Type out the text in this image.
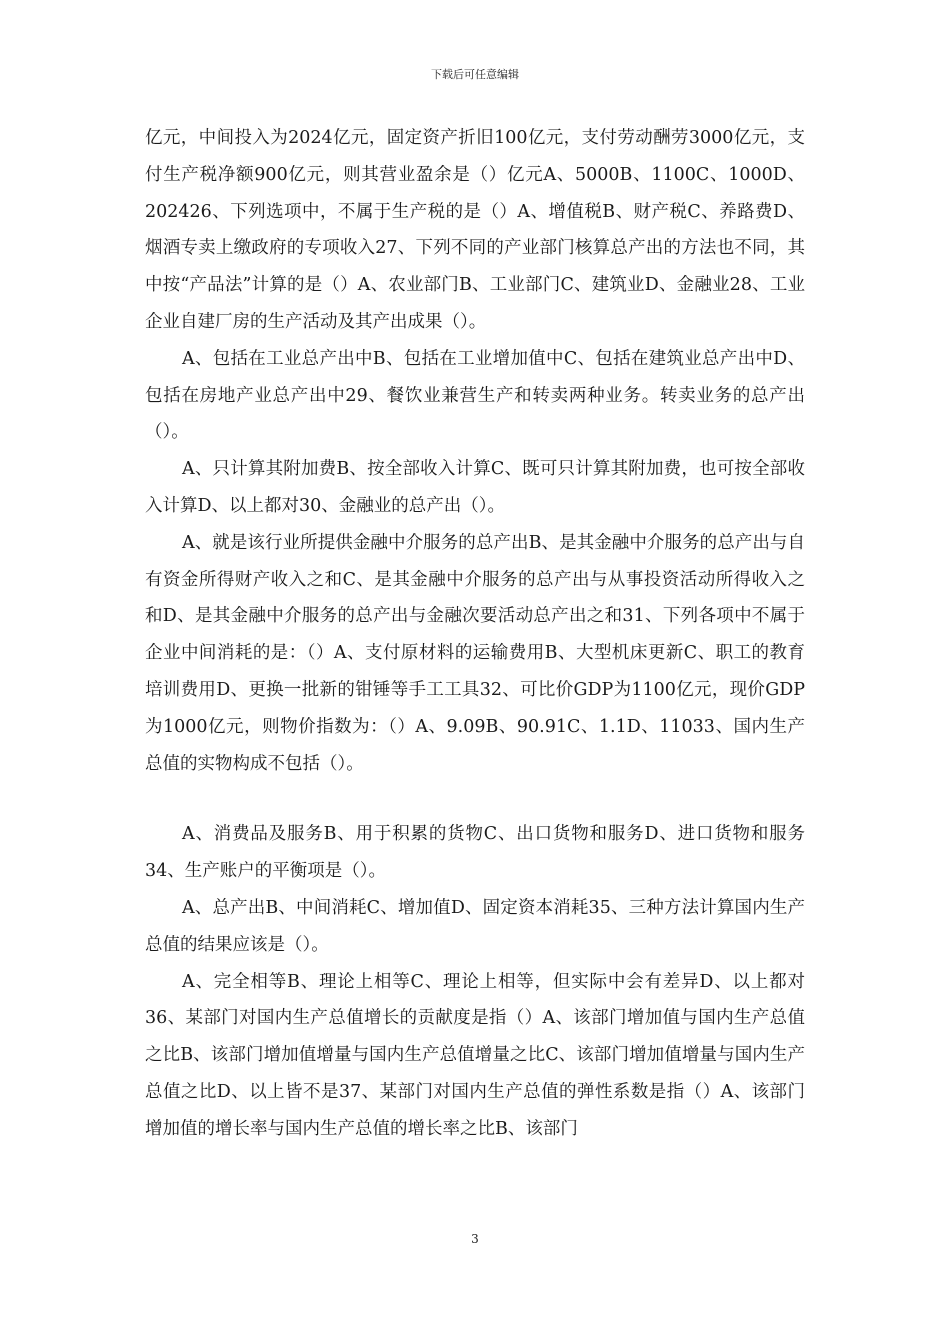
下载后可任意编辑

亿元，中间投入为2024亿元，固定资产折旧100亿元，支付劳动酬劳3000亿元，支付生产税净额900亿元，则其营业盈余是（）亿元A、5000B、1100C、1000D、202426、下列选项中，不属于生产税的是（）A、增值税B、财产税C、养路费D、烟酒专卖上缴政府的专项收入27、下列不同的产业部门核算总产出的方法也不同，其中按“产品法”计算的是（）A、农业部门B、工业部门C、建筑业D、金融业28、工业企业自建厂房的生产活动及其产出成果（）。

A、包括在工业总产出中B、包括在工业增加值中C、包括在建筑业总产出中D、包括在房地产业总产出中29、餐饮业兼营生产和转卖两种业务。转卖业务的总产出（）。

A、只计算其附加费B、按全部收入计算C、既可只计算其附加费，也可按全部收入计算D、以上都对30、金融业的总产出（）。

A、就是该行业所提供金融中介服务的总产出B、是其金融中介服务的总产出与自有资金所得财产收入之和C、是其金融中介服务的总产出与从事投资活动所得收入之和D、是其金融中介服务的总产出与金融次要活动总产出之和31、下列各项中不属于企业中间消耗的是：（）A、支付原材料的运输费用B、大型机床更新C、职工的教育培训费用D、更换一批新的钳锤等手工工具32、可比价GDP为1100亿元，现价GDP为1000亿元，则物价指数为：（）A、9.09B、90.91C、1.1D、11033、国内生产总值的实物构成不包括（）。

A、消费品及服务B、用于积累的货物C、出口货物和服务D、进口货物和服务34、生产账户的平衡项是（）。

A、总产出B、中间消耗C、增加值D、固定资本消耗35、三种方法计算国内生产总值的结果应该是（）。

A、完全相等B、理论上相等C、理论上相等，但实际中会有差异D、以上都对36、某部门对国内生产总值增长的贡献度是指（）A、该部门增加值与国内生产总值之比B、该部门增加值增量与国内生产总值增量之比C、该部门增加值增量与国内生产总值之比D、以上皆不是37、某部门对国内生产总值的弹性系数是指（）A、该部门增加值的增长率与国内生产总值的增长率之比B、该部门

3
